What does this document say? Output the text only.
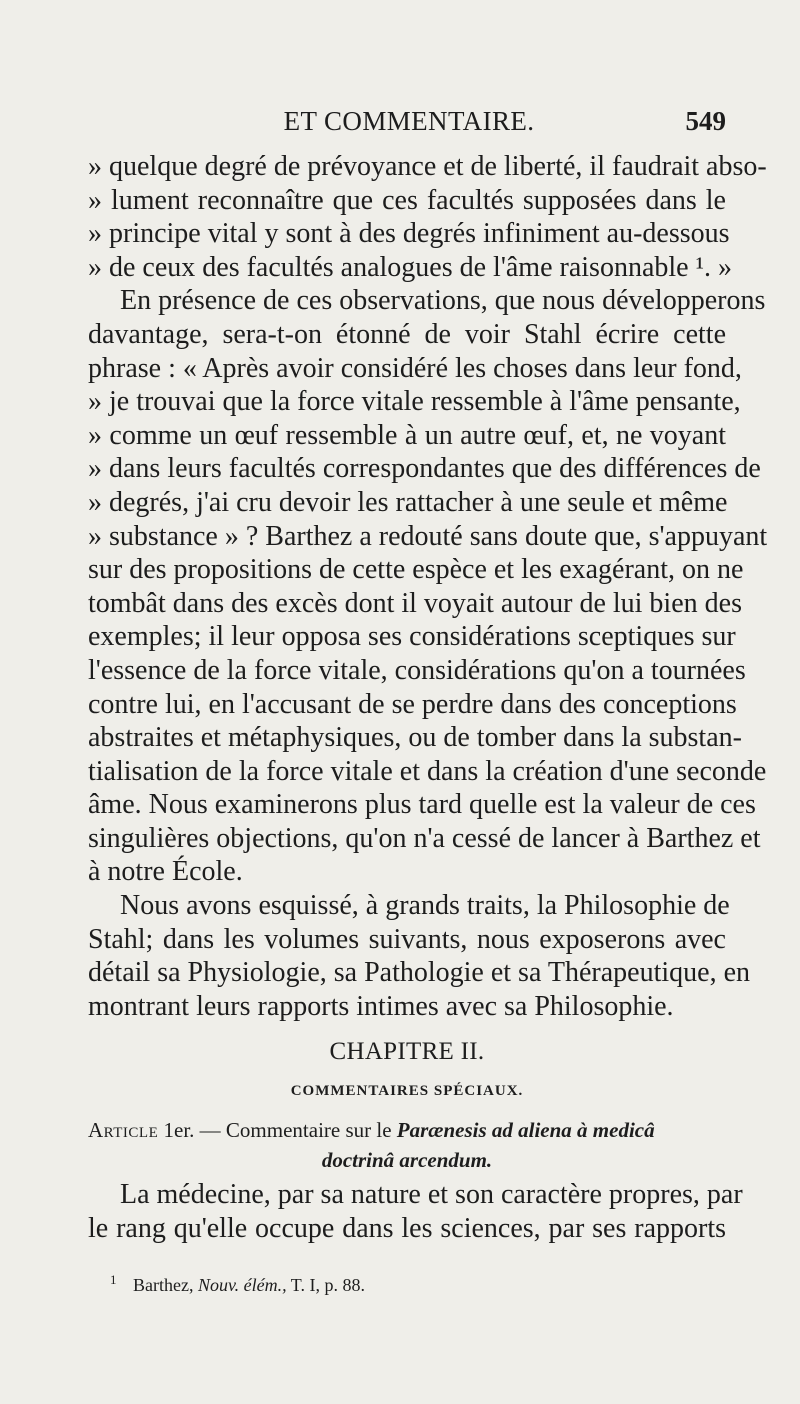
ET COMMENTAIRE.	549
» quelque degré de prévoyance et de liberté, il faudrait abso-
» lument reconnaître que ces facultés supposées dans le
» principe vital y sont à des degrés infiniment au-dessous
» de ceux des facultés analogues de l'âme raisonnable ¹. »
En présence de ces observations, que nous développerons
davantage, sera-t-on étonné de voir Stahl écrire cette
phrase : « Après avoir considéré les choses dans leur fond,
» je trouvai que la force vitale ressemble à l'âme pensante,
» comme un œuf ressemble à un autre œuf, et, ne voyant
» dans leurs facultés correspondantes que des différences de
» degrés, j'ai cru devoir les rattacher à une seule et même
» substance » ? Barthez a redouté sans doute que, s'appuyant
sur des propositions de cette espèce et les exagérant, on ne
tombât dans des excès dont il voyait autour de lui bien des
exemples; il leur opposa ses considérations sceptiques sur
l'essence de la force vitale, considérations qu'on a tournées
contre lui, en l'accusant de se perdre dans des conceptions
abstraites et métaphysiques, ou de tomber dans la substan-
tialisation de la force vitale et dans la création d'une seconde
âme. Nous examinerons plus tard quelle est la valeur de ces
singulières objections, qu'on n'a cessé de lancer à Barthez et
à notre École.
Nous avons esquissé, à grands traits, la Philosophie de
Stahl; dans les volumes suivants, nous exposerons avec
détail sa Physiologie, sa Pathologie et sa Thérapeutique, en
montrant leurs rapports intimes avec sa Philosophie.
CHAPITRE II.
COMMENTAIRES SPÉCIAUX.
Article 1er. — Commentaire sur le Parænesis ad aliena à medicâ
doctrinâ arcendum.
La médecine, par sa nature et son caractère propres, par
le rang qu'elle occupe dans les sciences, par ses rapports
$^1$ Barthez, Nouv. élém., T. I, p. 88.
